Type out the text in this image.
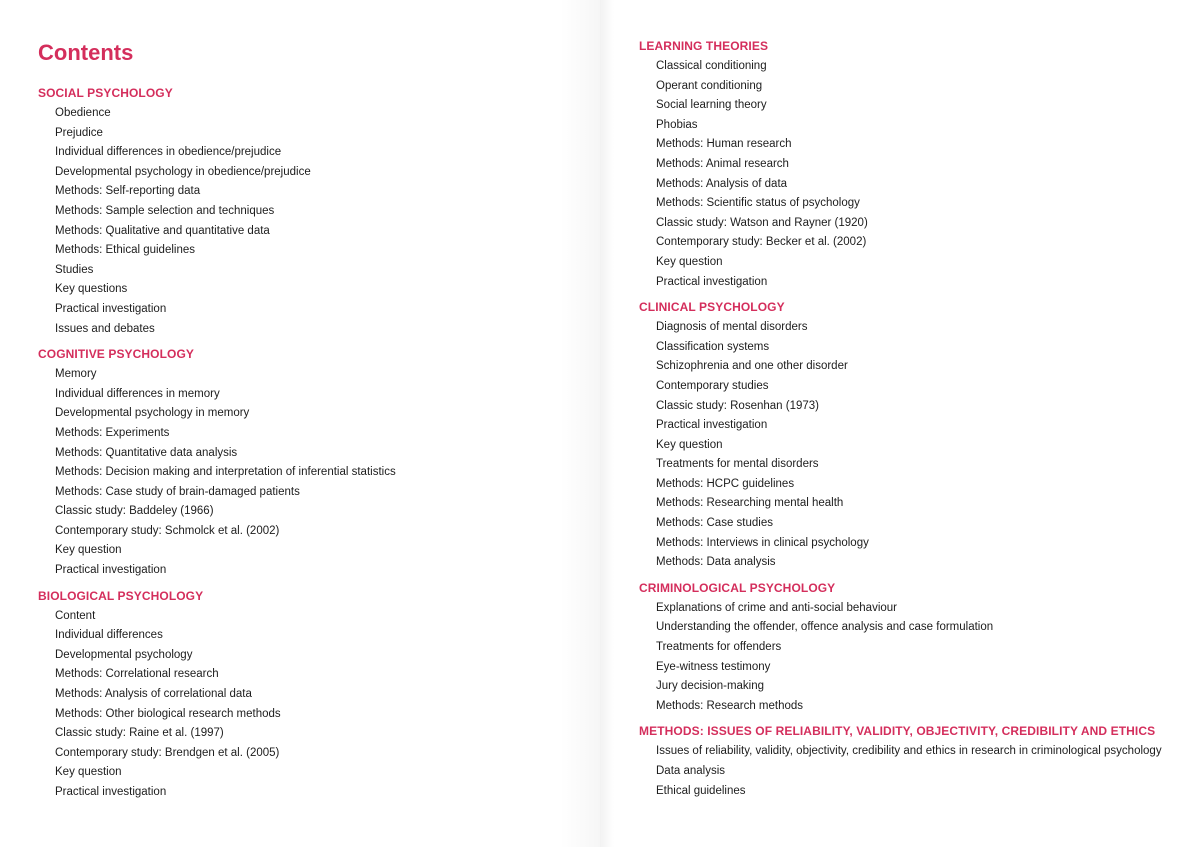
Contents
SOCIAL PSYCHOLOGY
Obedience
Prejudice
Individual differences in obedience/prejudice
Developmental psychology in obedience/prejudice
Methods: Self-reporting data
Methods: Sample selection and techniques
Methods: Qualitative and quantitative data
Methods: Ethical guidelines
Studies
Key questions
Practical investigation
Issues and debates
COGNITIVE PSYCHOLOGY
Memory
Individual differences in memory
Developmental psychology in memory
Methods: Experiments
Methods: Quantitative data analysis
Methods: Decision making and interpretation of inferential statistics
Methods: Case study of brain-damaged patients
Classic study: Baddeley (1966)
Contemporary study: Schmolck et al. (2002)
Key question
Practical investigation
BIOLOGICAL PSYCHOLOGY
Content
Individual differences
Developmental psychology
Methods: Correlational research
Methods: Analysis of correlational data
Methods: Other biological research methods
Classic study: Raine et al. (1997)
Contemporary study: Brendgen et al. (2005)
Key question
Practical investigation
LEARNING THEORIES
Classical conditioning
Operant conditioning
Social learning theory
Phobias
Methods: Human research
Methods: Animal research
Methods: Analysis of data
Methods: Scientific status of psychology
Classic study: Watson and Rayner (1920)
Contemporary study: Becker et al. (2002)
Key question
Practical investigation
CLINICAL PSYCHOLOGY
Diagnosis of mental disorders
Classification systems
Schizophrenia and one other disorder
Contemporary studies
Classic study: Rosenhan (1973)
Practical investigation
Key question
Treatments for mental disorders
Methods: HCPC guidelines
Methods: Researching mental health
Methods: Case studies
Methods: Interviews in clinical psychology
Methods: Data analysis
CRIMINOLOGICAL PSYCHOLOGY
Explanations of crime and anti-social behaviour
Understanding the offender, offence analysis and case formulation
Treatments for offenders
Eye-witness testimony
Jury decision-making
Methods: Research methods
METHODS: ISSUES OF RELIABILITY, VALIDITY, OBJECTIVITY, CREDIBILITY AND ETHICS
Issues of reliability, validity, objectivity, credibility and ethics in research in criminological psychology
Data analysis
Ethical guidelines
